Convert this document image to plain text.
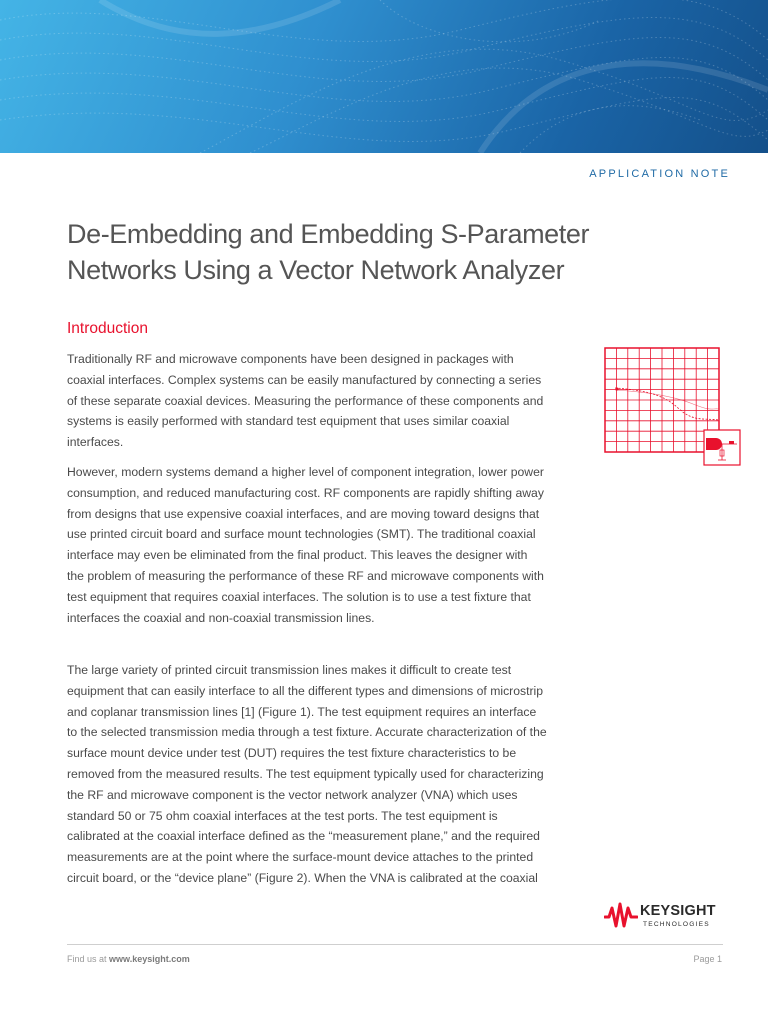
APPLICATION NOTE
De-Embedding and Embedding S-Parameter
Networks Using a Vector Network Analyzer
Introduction

Traditionally RF and microwave components have been designed in packages with coaxial interfaces. Complex systems can be easily manufactured by connecting a series of these separate coaxial devices. Measuring the performance of these components and systems is easily performed with standard test equipment that uses similar coaxial interfaces.

However, modern systems demand a higher level of component integration, lower power consumption, and reduced manufacturing cost. RF components are rapidly shifting away from designs that use expensive coaxial interfaces, and are moving toward designs that use printed circuit board and surface mount technologies (SMT). The traditional coaxial interface may even be eliminated from the final product. This leaves the designer with the problem of measuring the performance of these RF and microwave components with test equipment that requires coaxial interfaces. The solution is to use a test fixture that interfaces the coaxial and non-coaxial transmission lines.

The large variety of printed circuit transmission lines makes it difficult to create test equipment that can easily interface to all the different types and dimensions of microstrip and coplanar transmission lines [1] (Figure 1). The test equipment requires an interface to the selected transmission media through a test fixture. Accurate characterization of the surface mount device under test (DUT) requires the test fixture characteristics to be removed from the measured results. The test equipment typically used for characterizing the RF and microwave component is the vector network analyzer (VNA) which uses standard 50 or 75 ohm coaxial interfaces at the test ports. The test equipment is calibrated at the coaxial interface defined as the “measurement plane,” and the required measurements are at the point where the surface-mount device attaches to the printed circuit board, or the “device plane” (Figure 2). When the VNA is calibrated at the coaxial

KEYSIGHT
TECHNOLOGIES
Find us at www.keysight.com	Page 1
